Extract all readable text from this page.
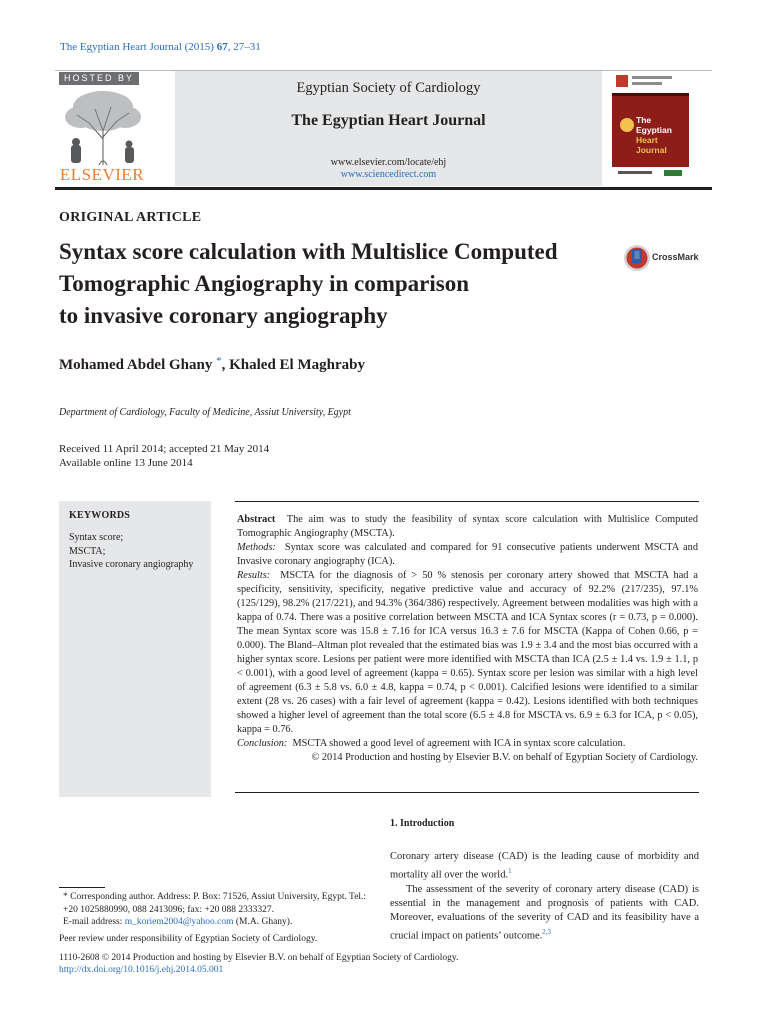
The Egyptian Heart Journal (2015) 67, 27–31
HOSTED BY
ELSEVIER
Egyptian Society of Cardiology
The Egyptian Heart Journal
www.elsevier.com/locate/ehj
www.sciencedirect.com
The Egyptian
Heart Journal
ORIGINAL ARTICLE
Syntax score calculation with Multislice Computed
Tomographic Angiography in comparison
to invasive coronary angiography
CrossMark
Mohamed Abdel Ghany *, Khaled El Maghraby
Department of Cardiology, Faculty of Medicine, Assiut University, Egypt
Received 11 April 2014; accepted 21 May 2014
Available online 13 June 2014
KEYWORDS
Syntax score;
MSCTA;
Invasive coronary angiography
Abstract The aim was to study the feasibility of syntax score calculation with Multislice Computed Tomographic Angiography (MSCTA).
Methods: Syntax score was calculated and compared for 91 consecutive patients underwent MSCTA and Invasive coronary angiography (ICA).
Results: MSCTA for the diagnosis of > 50 % stenosis per coronary artery showed that MSCTA had a specificity, sensitivity, specificity, negative predictive value and accuracy of 92.2% (217/235), 97.1% (125/129), 98.2% (217/221), and 94.3% (364/386) respectively. Agreement between modalities was high with a kappa of 0.74. There was a positive correlation between MSCTA and ICA Syntax scores (r = 0.73, p = 0.000). The mean Syntax score was 15.8 ± 7.16 for ICA versus 16.3 ± 7.6 for MSCTA (Kappa of Cohen 0.66, p = 0.000). The Bland–Altman plot revealed that the estimated bias was 1.9 ± 3.4 and the most bias occurred with a higher syntax score. Lesions per patient were more identified with MSCTA than ICA (2.5 ± 1.4 vs. 1.9 ± 1.1, p < 0.001), with a good level of agreement (kappa = 0.65). Syntax score per lesion was similar with a high level of agreement (6.3 ± 5.8 vs. 6.0 ± 4.8, kappa = 0.74, p < 0.001). Calcified lesions were identified to a similar extent (28 vs. 26 cases) with a fair level of agreement (kappa = 0.42). Lesions identified with both techniques showed a higher level of agreement than the total score (6.5 ± 4.8 for MSCTA vs. 6.9 ± 6.3 for ICA, p < 0.05), kappa = 0.76.
Conclusion: MSCTA showed a good level of agreement with ICA in syntax score calculation.
© 2014 Production and hosting by Elsevier B.V. on behalf of Egyptian Society of Cardiology.
1. Introduction

Coronary artery disease (CAD) is the leading cause of morbidity and mortality all over the world.$^1$

The assessment of the severity of coronary artery disease (CAD) is essential in the management and prognosis of patients with CAD. Moreover, evaluations of the severity of CAD and its feasibility have a crucial impact on patients’ outcome.$^{2,3}$

* Corresponding author. Address: P. Box: 71526, Assiut University, Egypt. Tel.: +20 1025880990, 088 2413096; fax: +20 088 2333327.
E-mail address: m_koriem2004@yahoo.com (M.A. Ghany).
Peer review under responsibility of Egyptian Society of Cardiology.
1110-2608 © 2014 Production and hosting by Elsevier B.V. on behalf of Egyptian Society of Cardiology.
http://dx.doi.org/10.1016/j.ehj.2014.05.001
